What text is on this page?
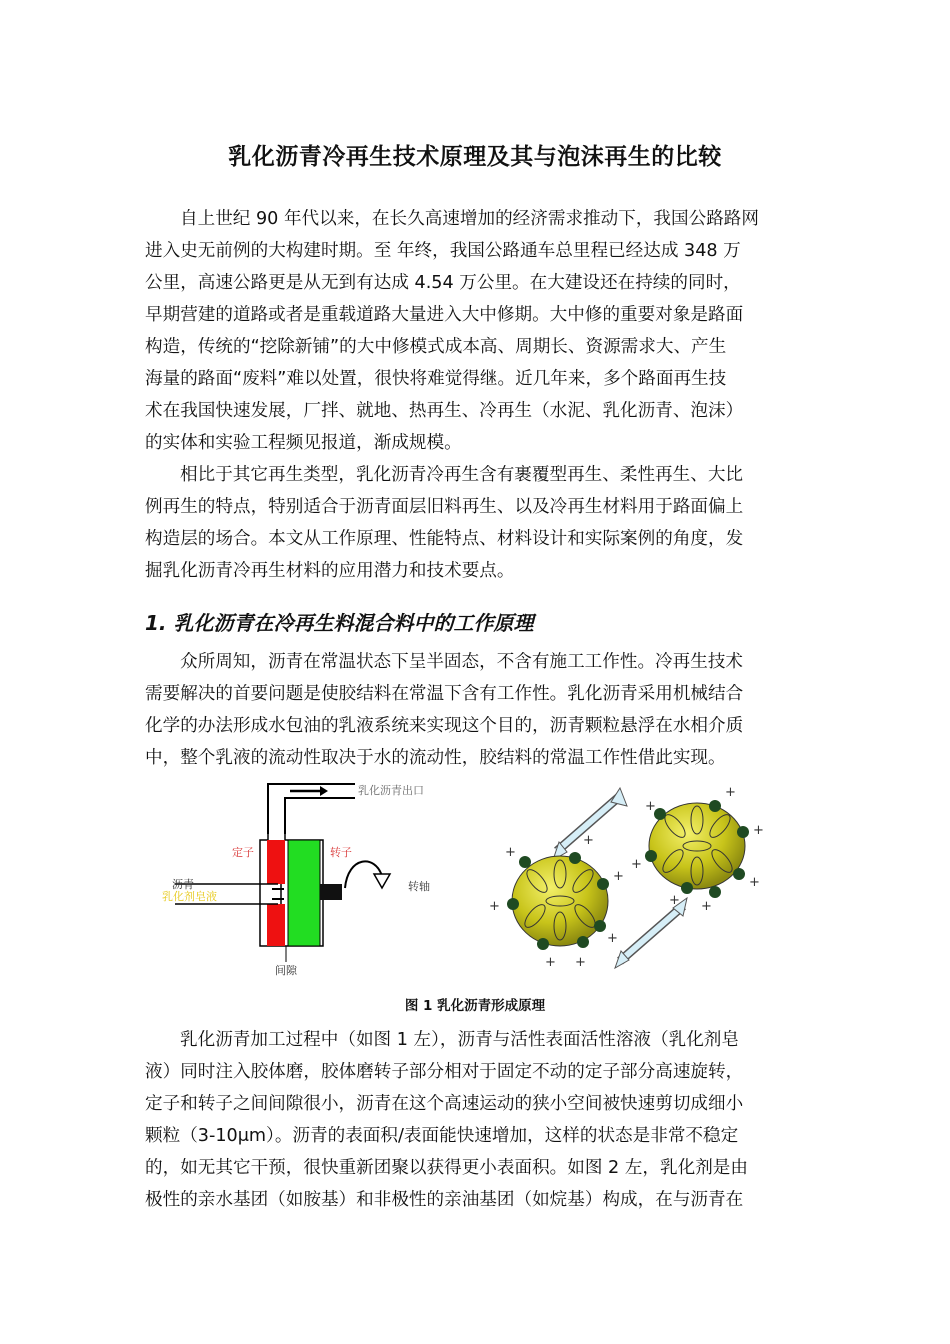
乳化沥青冷再生技术原理及其与泡沫再生的比较
自上世纪 90 年代以来，在长久高速增加的经济需求推动下，我国公路路网
进入史无前例的大构建时期。至 年终，我国公路通车总里程已经达成 348 万
公里，高速公路更是从无到有达成 4.54 万公里。在大建设还在持续的同时，
早期营建的道路或者是重载道路大量进入大中修期。大中修的重要对象是路面
构造，传统的“挖除新铺”的大中修模式成本高、周期长、资源需求大、产生
海量的路面“废料”难以处置，很快将难觉得继。近几年来，多个路面再生技
术在我国快速发展，厂拌、就地、热再生、冷再生（水泥、乳化沥青、泡沫）
的实体和实验工程频见报道，渐成规模。
相比于其它再生类型，乳化沥青冷再生含有裹覆型再生、柔性再生、大比
例再生的特点，特别适合于沥青面层旧料再生、以及冷再生材料用于路面偏上
构造层的场合。本文从工作原理、性能特点、材料设计和实际案例的角度，发
掘乳化沥青冷再生材料的应用潜力和技术要点。
1. 乳化沥青在冷再生料混合料中的工作原理
众所周知，沥青在常温状态下呈半固态，不含有施工工作性。冷再生技术
需要解决的首要问题是使胶结料在常温下含有工作性。乳化沥青采用机械结合
化学的办法形成水包油的乳液系统来实现这个目的，沥青颗粒悬浮在水相介质
中，整个乳液的流动性取决于水的流动性，胶结料的常温工作性借此实现。
乳化沥青出口
定子	转子
沥青
乳化剂皂液
转轴
间隙
+
+
+
+
+
+
+
+
+
+
+
+
+
+
图 1 乳化沥青形成原理
乳化沥青加工过程中（如图 1 左），沥青与活性表面活性溶液（乳化剂皂
液）同时注入胶体磨，胶体磨转子部分相对于固定不动的定子部分高速旋转，
定子和转子之间间隙很小，沥青在这个高速运动的狭小空间被快速剪切成细小
颗粒（3-10μm）。沥青的表面积/表面能快速增加，这样的状态是非常不稳定
的，如无其它干预，很快重新团聚以获得更小表面积。如图 2 左，乳化剂是由
极性的亲水基团（如胺基）和非极性的亲油基团（如烷基）构成，在与沥青在
